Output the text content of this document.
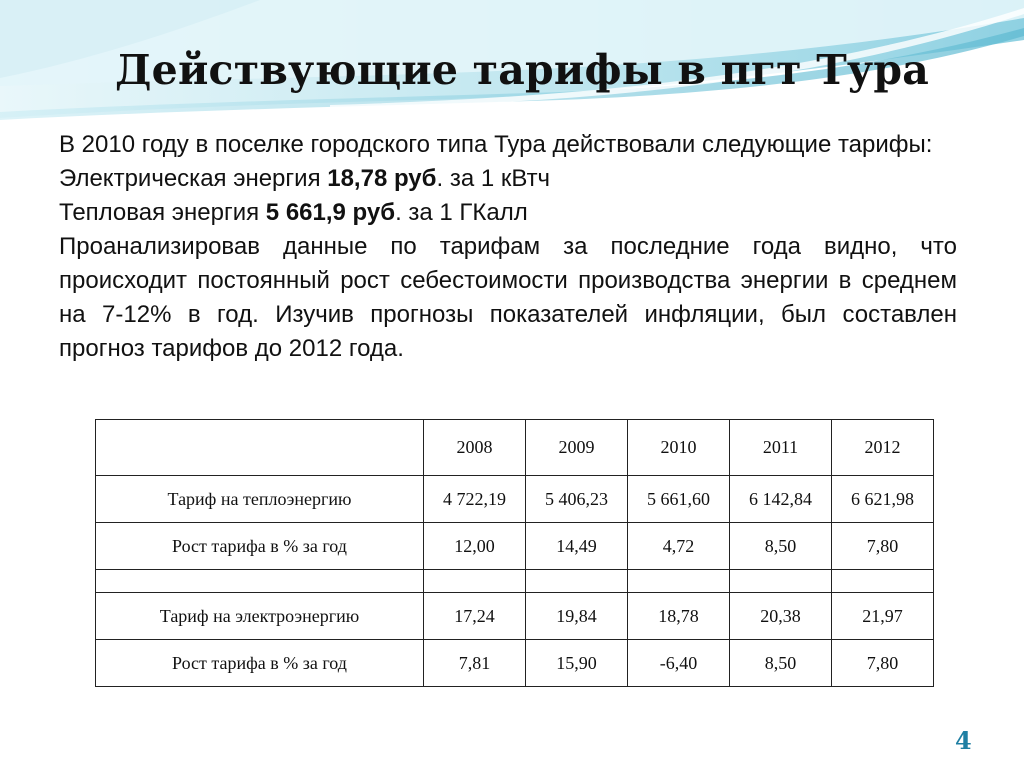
Действующие тарифы в пгт Тура

В 2010 году в поселке городского типа Тура действовали следующие тарифы:

Электрическая энергия 18,78 руб. за 1 кВтч

Тепловая энергия 5 661,9 руб. за 1 ГКалл

Проанализировав данные по тарифам за последние года видно, что происходит постоянный рост себестоимости производства энергии в среднем на 7-12% в год. Изучив прогнозы показателей инфляции, был составлен прогноз тарифов до 2012 года.

	2008	2009	2010	2011	2012
Тариф на теплоэнергию	4 722,19	5 406,23	5 661,60	6 142,84	6 621,98
Рост тарифа в % за год	12,00	14,49	4,72	8,50	7,80

Тариф на электроэнергию	17,24	19,84	18,78	20,38	21,97
Рост тарифа в % за год	7,81	15,90	-6,40	8,50	7,80
4
